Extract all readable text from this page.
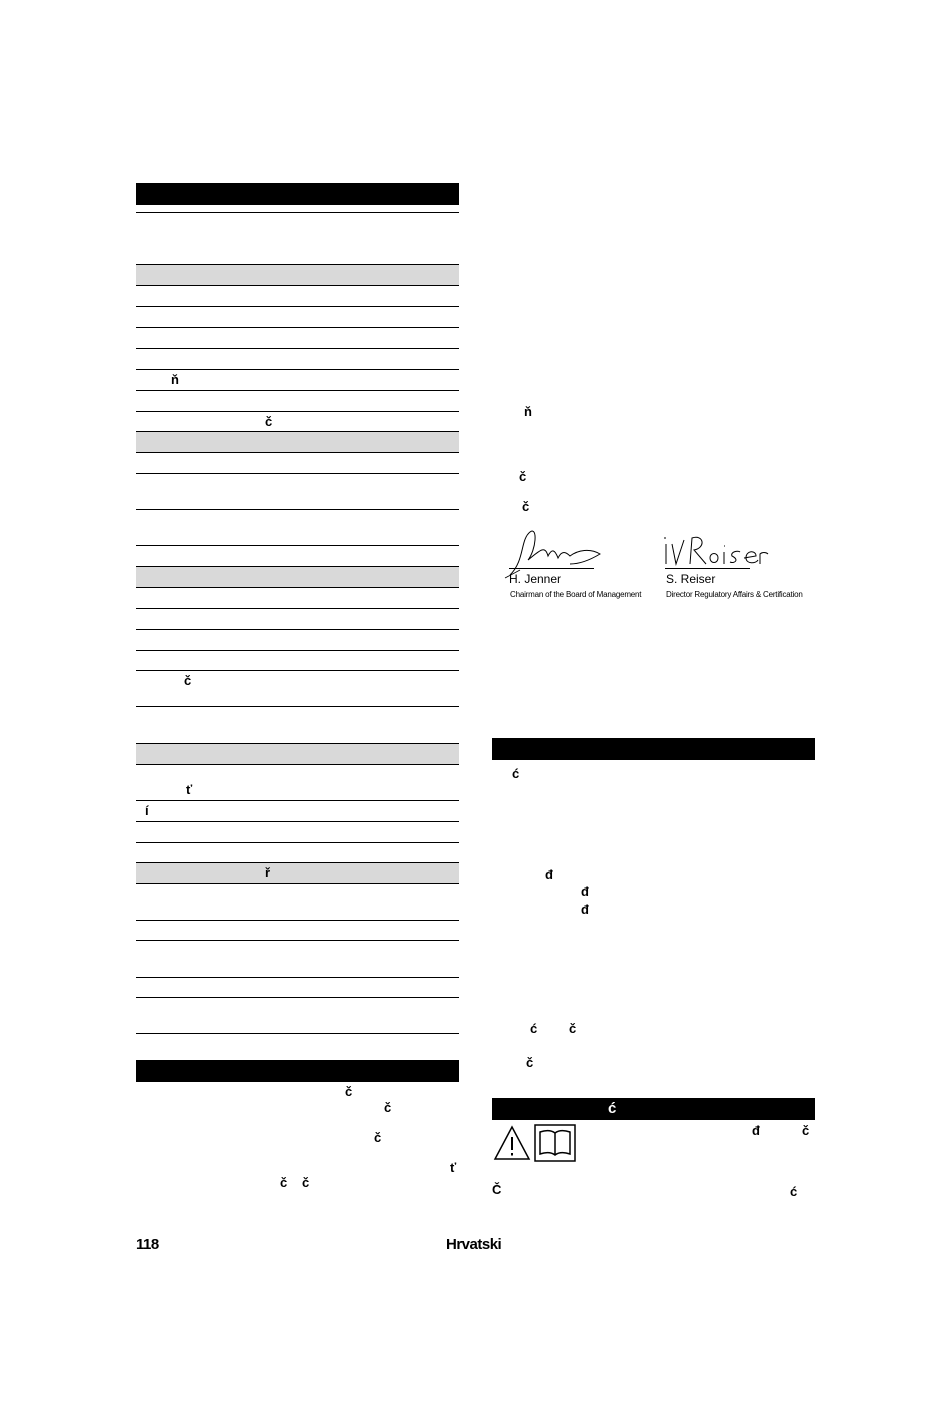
ň
č
č
ť
í
ř
č
č
č
ť
č č
ň
č
č
H. Jenner
Chairman of the Board of Management
S. Reiser
Director Regulatory Affairs & Certification
ć
đ
đ
đ
ć č
č
ć
đ	č
Č	ć
118	Hrvatski
